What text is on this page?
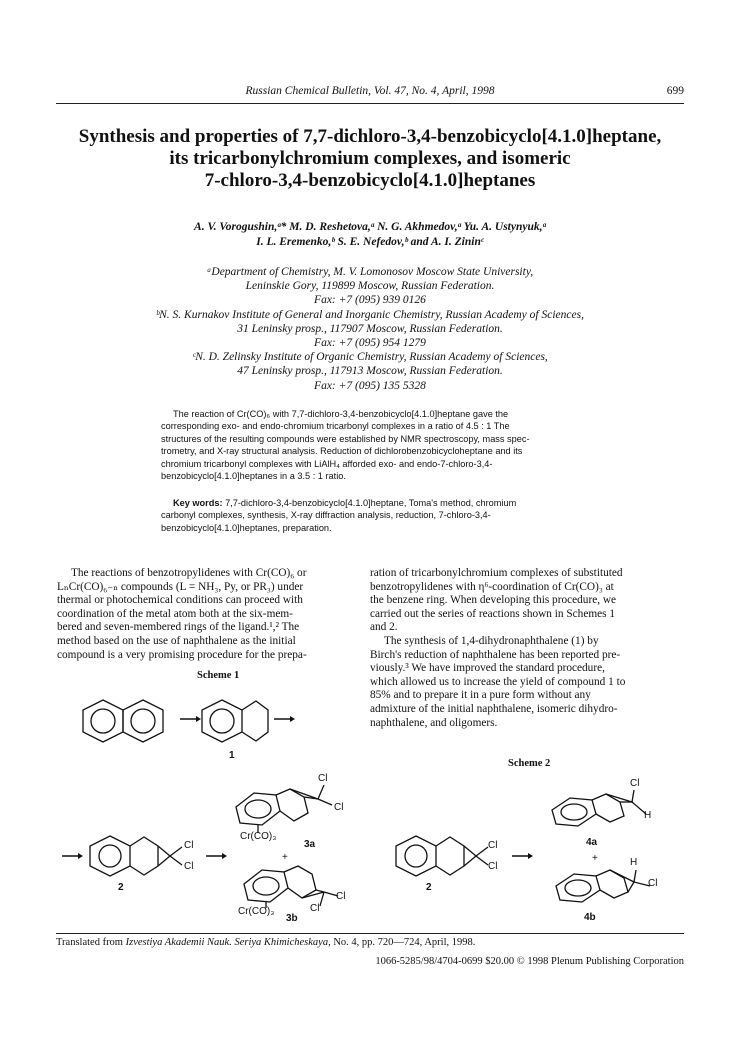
Russian Chemical Bulletin, Vol. 47, No. 4, April, 1998	699
Synthesis and properties of 7,7-dichloro-3,4-benzobicyclo[4.1.0]heptane,
its tricarbonylchromium complexes, and isomeric
7-chloro-3,4-benzobicyclo[4.1.0]heptanes
A. V. Vorogushin,ᵃ* M. D. Reshetova,ᵃ N. G. Akhmedov,ᵃ Yu. A. Ustynyuk,ᵃ
I. L. Eremenko,ᵇ S. E. Nefedov,ᵇ and A. I. Zininᶜ
ᵃDepartment of Chemistry, M. V. Lomonosov Moscow State University,
Leninskie Gory, 119899 Moscow, Russian Federation.
Fax: +7 (095) 939 0126
ᵇN. S. Kurnakov Institute of General and Inorganic Chemistry, Russian Academy of Sciences,
31 Leninsky prosp., 117907 Moscow, Russian Federation.
Fax: +7 (095) 954 1279
ᶜN. D. Zelinsky Institute of Organic Chemistry, Russian Academy of Sciences,
47 Leninsky prosp., 117913 Moscow, Russian Federation.
Fax: +7 (095) 135 5328
The reaction of Cr(CO)₆ with 7,7-dichloro-3,4-benzobicyclo[4.1.0]heptane gave the
corresponding exo- and endo-chromium tricarbonyl complexes in a ratio of 4.5 : 1 The
structures of the resulting compounds were established by NMR spectroscopy, mass spec-
trometry, and X-ray structural analysis. Reduction of dichlorobenzobicycloheptane and its
chromium tricarbonyl complexes with LiAlH₄ afforded exo- and endo-7-chloro-3,4-
benzobicyclo[4.1.0]heptanes in a 3.5 : 1 ratio.
Key words: 7,7-dichloro-3,4-benzobicyclo[4.1.0]heptane, Toma's method, chromium
carbonyl complexes, synthesis, X-ray diffraction analysis, reduction, 7-chloro-3,4-
benzobicyclo[4.1.0]heptanes, preparation.
The reactions of benzotropylidenes with Cr(CO)₆ or
LₙCr(CO)₆₋ₙ compounds (L = NH₃, Py, or PR₃) under
thermal or photochemical conditions can proceed with
coordination of the metal atom both at the six-mem-
bered and seven-membered rings of the ligand.¹,² The
method based on the use of naphthalene as the initial
compound is a very promising procedure for the prepa-
ration of tricarbonylchromium complexes of substituted
benzotropylidenes with η⁶-coordination of Cr(CO)₃ at
the benzene ring. When developing this procedure, we
carried out the series of reactions shown in Schemes 1
and 2.
The synthesis of 1,4-dihydronaphthalene (1) by
Birch's reduction of naphthalene has been reported pre-
viously.³ We have improved the standard procedure,
which allowed us to increase the yield of compound 1 to
85% and to prepare it in a pure form without any
admixture of the initial naphthalene, isomeric dihydro-
naphthalene, and oligomers.
Scheme 1
1
Cl
Cl
Cr(CO)₃
3a
Cl
Cl
2
+
Cl
Cl
Cr(CO)₃
3b
Scheme 2
Cl
Cl
2
Cl
H
4a
+	H
Cl
4b
Translated from Izvestiya Akademii Nauk. Seriya Khimicheskaya, No. 4, pp. 720—724, April, 1998.
1066-5285/98/4704-0699 $20.00 © 1998 Plenum Publishing Corporation
